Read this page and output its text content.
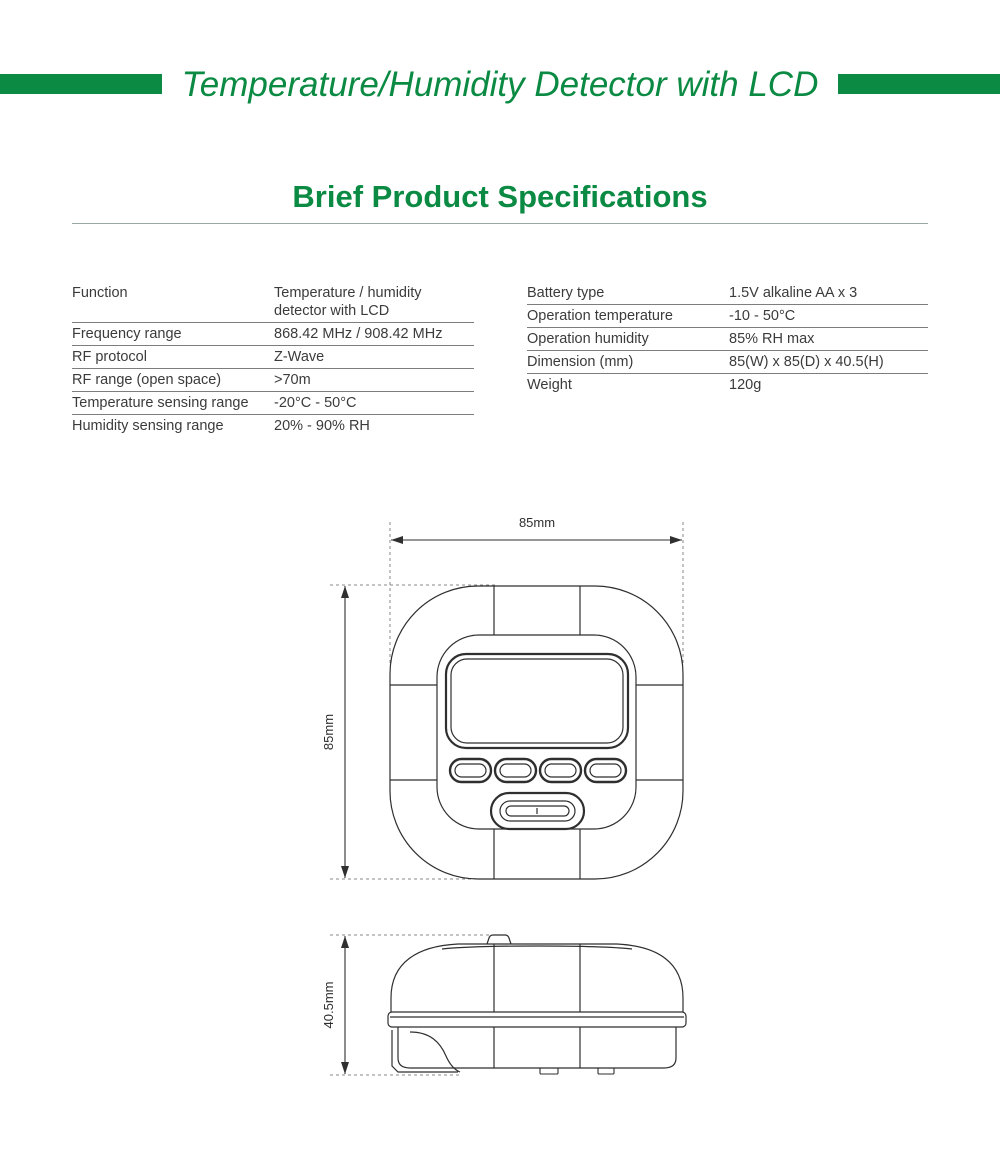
Temperature/Humidity Detector with LCD
Brief Product Specifications
Function	Temperature / humidity detector with LCD
Frequency range	868.42 MHz / 908.42 MHz
RF protocol	Z-Wave
RF range (open space)	>70m
Temperature sensing range	-20°C - 50°C
Humidity sensing range	20% - 90% RH
Battery type	1.5V alkaline AA x 3
Operation temperature	-10 - 50°C
Operation humidity	85% RH max
Dimension (mm)	85(W) x 85(D) x 40.5(H)
Weight	120g
85mm
85mm
40.5mm
